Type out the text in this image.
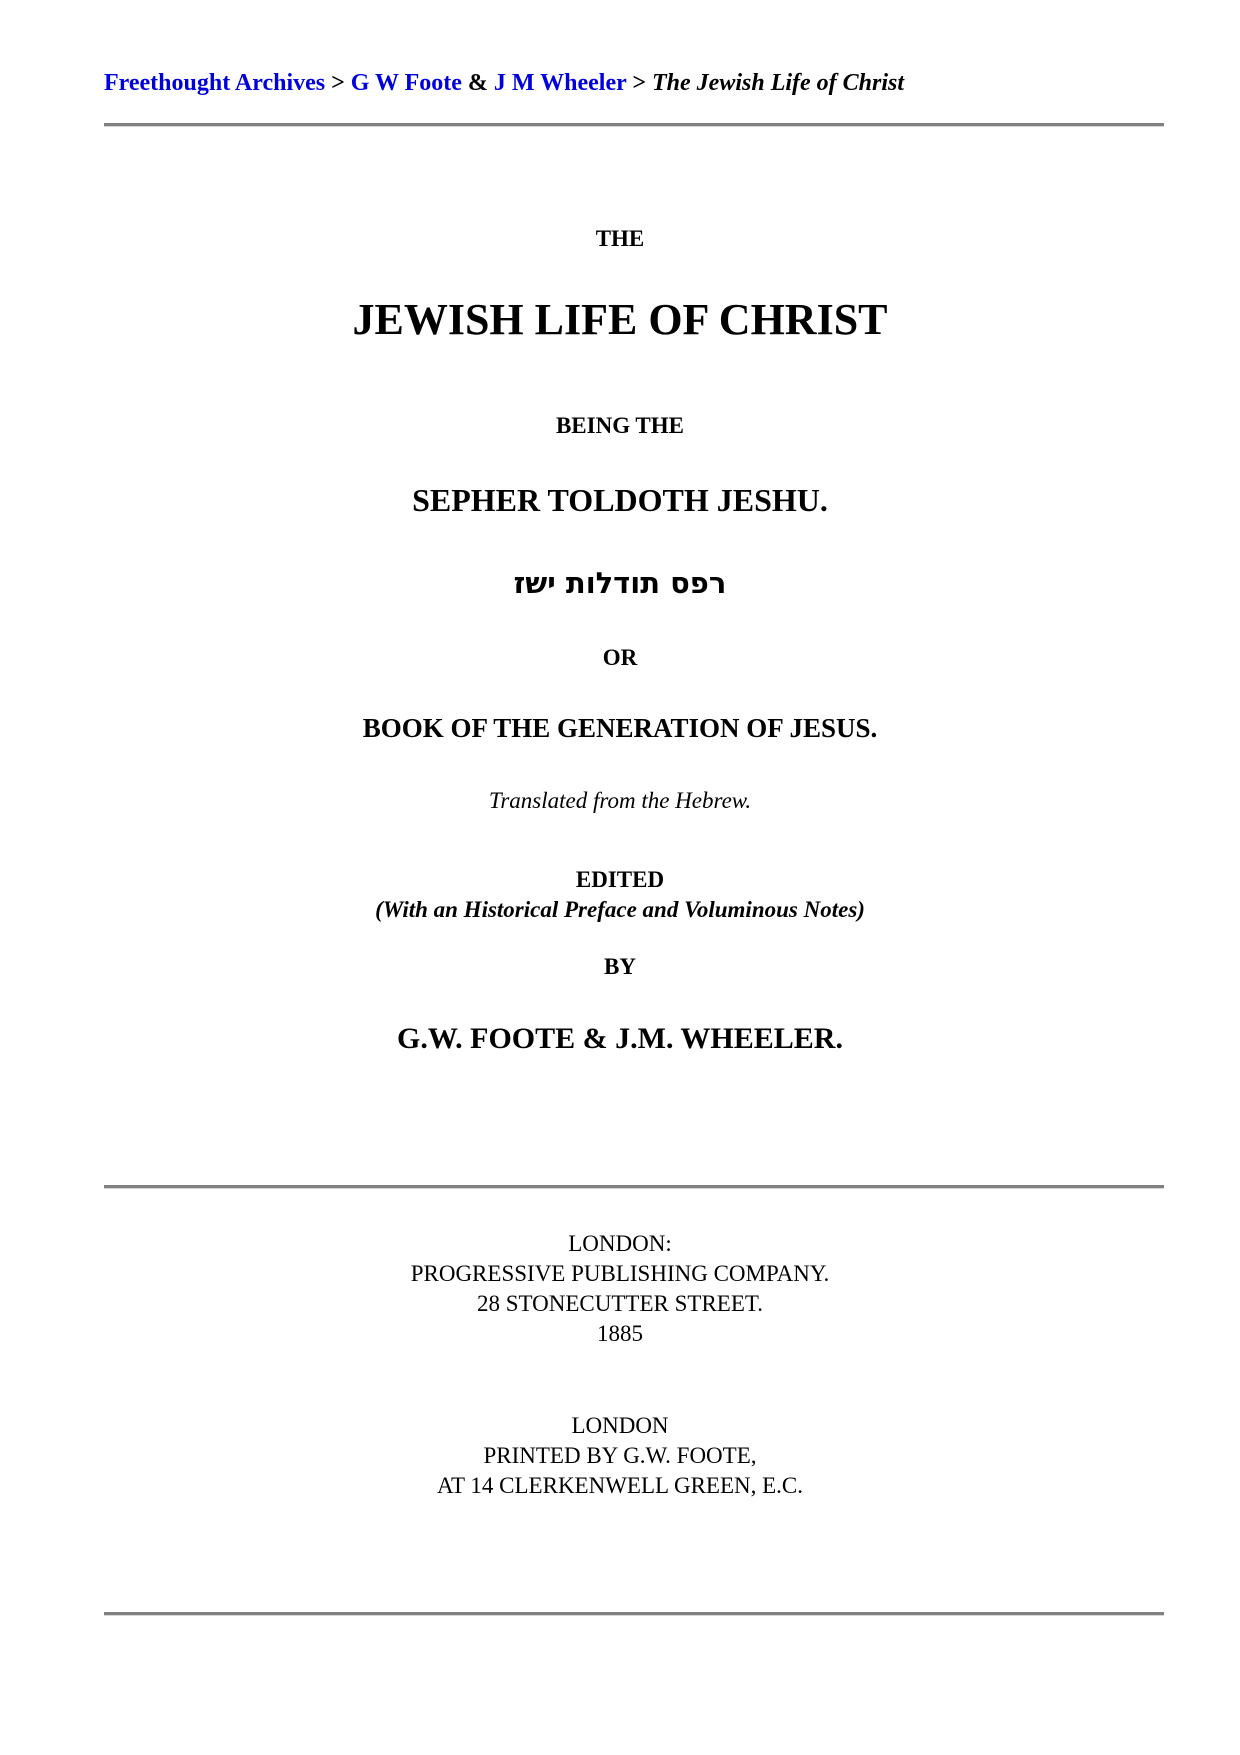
Freethought Archives > G W Foote & J M Wheeler > The Jewish Life of Christ
THE
JEWISH LIFE OF CHRIST
BEING THE
SEPHER TOLDOTH JESHU.
רפס תודלות ישז
OR
BOOK OF THE GENERATION OF JESUS.
Translated from the Hebrew.
EDITED
(With an Historical Preface and Voluminous Notes)
BY
G.W. FOOTE & J.M. WHEELER.
LONDON:
PROGRESSIVE PUBLISHING COMPANY.
28 STONECUTTER STREET.
1885
LONDON
PRINTED BY G.W. FOOTE,
AT 14 CLERKENWELL GREEN, E.C.
